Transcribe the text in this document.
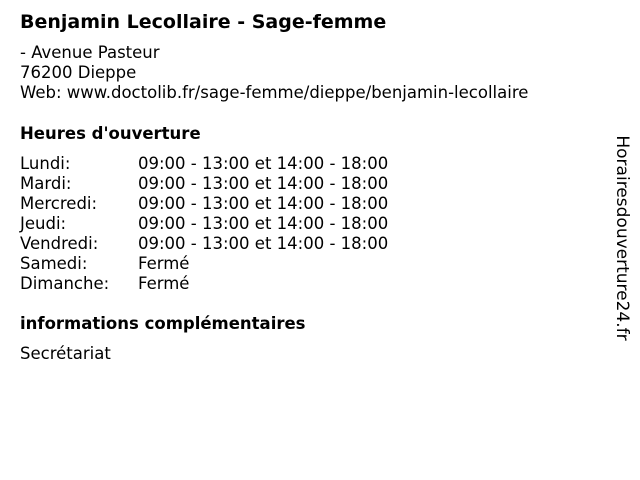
Benjamin Lecollaire - Sage-femme
- Avenue Pasteur
76200 Dieppe
Web: www.doctolib.fr/sage-femme/dieppe/benjamin-lecollaire
Heures d'ouverture
Lundi:	09:00 - 13:00 et 14:00 - 18:00
Mardi:	09:00 - 13:00 et 14:00 - 18:00
Mercredi:	09:00 - 13:00 et 14:00 - 18:00
Jeudi:	09:00 - 13:00 et 14:00 - 18:00
Vendredi:	09:00 - 13:00 et 14:00 - 18:00
Samedi:	Fermé
Dimanche:	Fermé
informations complémentaires
Secrétariat
Horairesdouverture24.fr
